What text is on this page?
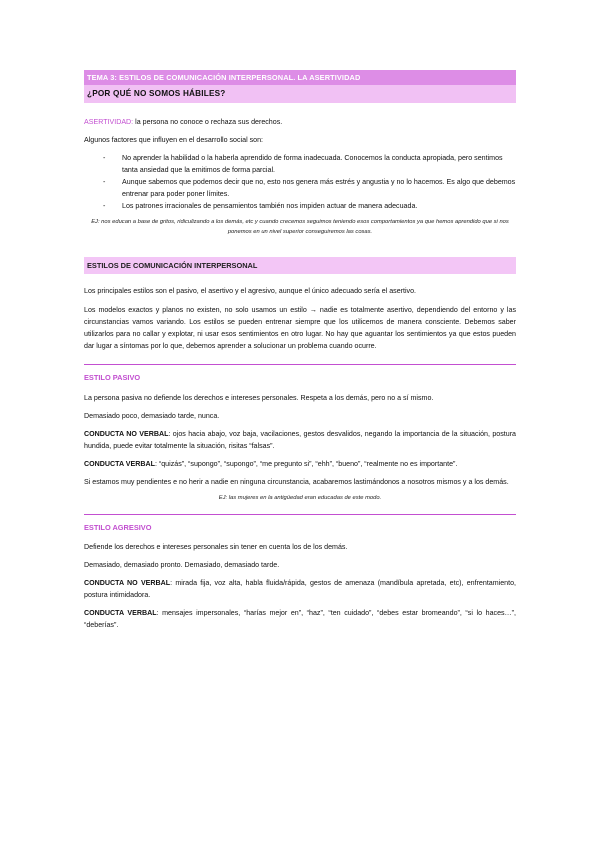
TEMA 3: ESTILOS DE COMUNICACIÓN INTERPERSONAL. LA ASERTIVIDAD
¿POR QUÉ NO SOMOS HÁBILES?

ASERTIVIDAD: la persona no conoce o rechaza sus derechos.

Algunos factores que influyen en el desarrollo social son:

- No aprender la habilidad o la haberla aprendido de forma inadecuada. Conocemos la conducta apropiada, pero sentimos tanta ansiedad que la emitimos de forma parcial.
- Aunque sabemos que podemos decir que no, esto nos genera más estrés y angustia y no lo hacemos. Es algo que debemos entrenar para poder poner límites.
- Los patrones irracionales de pensamientos también nos impiden actuar de manera adecuada.

EJ: nos educan a base de gritos, ridiculizando a los demás, etc y cuando crecemos seguimos teniendo esos comportamientos ya que hemos aprendido que si nos ponemos en un nivel superior conseguiremos las cosas.

ESTILOS DE COMUNICACIÓN INTERPERSONAL

Los principales estilos son el pasivo, el asertivo y el agresivo, aunque el único adecuado sería el asertivo.

Los modelos exactos y planos no existen, no solo usamos un estilo → nadie es totalmente asertivo, dependiendo del entorno y las circunstancias vamos variando. Los estilos se pueden entrenar siempre que los utilicemos de manera consciente. Debemos saber utilizarlos para no callar y explotar, ni usar esos sentimientos en otro lugar. No hay que aguantar los sentimientos ya que estos pueden dar lugar a síntomas por lo que, debemos aprender a solucionar un problema cuando ocurre.

ESTILO PASIVO

La persona pasiva no defiende los derechos e intereses personales. Respeta a los demás, pero no a sí mismo.

Demasiado poco, demasiado tarde, nunca.

CONDUCTA NO VERBAL: ojos hacia abajo, voz baja, vacilaciones, gestos desvalidos, negando la importancia de la situación, postura hundida, puede evitar totalmente la situación, risitas “falsas”.

CONDUCTA VERBAL: “quizás”, “supongo”, “supongo”, “me pregunto si”, “ehh”, “bueno”, “realmente no es importante”.

Si estamos muy pendientes e no herir a nadie en ninguna circunstancia, acabaremos lastimándonos a nosotros mismos y a los demás.

EJ: las mujeres en la antigüedad eran educadas de este modo.

ESTILO AGRESIVO

Defiende los derechos e intereses personales sin tener en cuenta los de los demás.

Demasiado, demasiado pronto. Demasiado, demasiado tarde.

CONDUCTA NO VERBAL: mirada fija, voz alta, habla fluida/rápida, gestos de amenaza (mandíbula apretada, etc), enfrentamiento, postura intimidadora.

CONDUCTA VERBAL: mensajes impersonales, “harías mejor en”, “haz”, “ten cuidado”, “debes estar bromeando”, “si lo haces…”, “deberías”.
